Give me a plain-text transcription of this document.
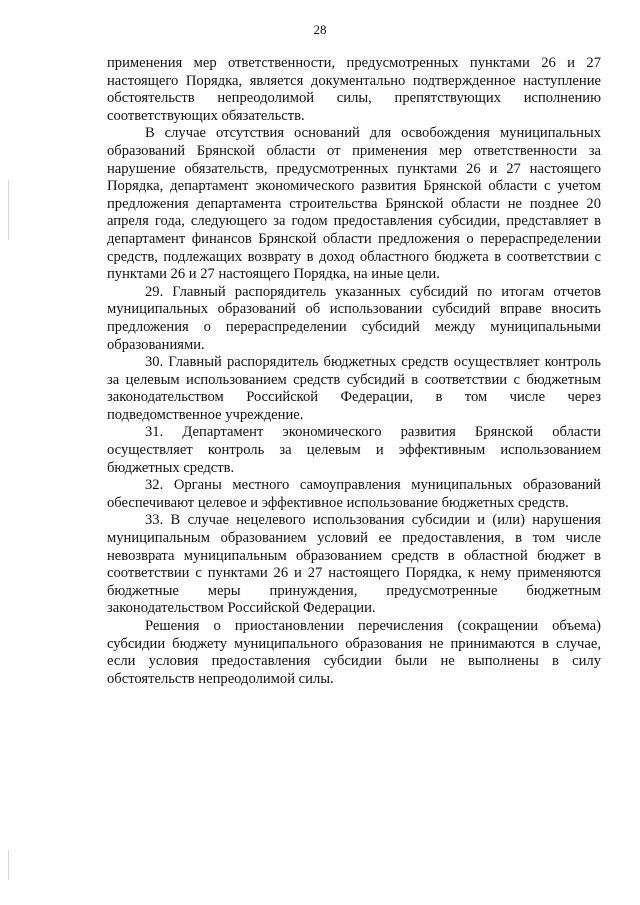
28

применения мер ответственности, предусмотренных пунктами 26 и 27 настоящего Порядка, является документально подтвержденное наступление обстоятельств непреодолимой силы, препятствующих исполнению соответствующих обязательств.

В случае отсутствия оснований для освобождения муниципальных образований Брянской области от применения мер ответственности за нарушение обязательств, предусмотренных пунктами 26 и 27 настоящего Порядка, департамент экономического развития Брянской области с учетом предложения департамента строительства Брянской области не позднее 20 апреля года, следующего за годом предоставления субсидии, представляет в департамент финансов Брянской области предложения о перераспределении средств, подлежащих возврату в доход областного бюджета в соответствии с пунктами 26 и 27 настоящего Порядка, на иные цели.

29. Главный распорядитель указанных субсидий по итогам отчетов муниципальных образований об использовании субсидий вправе вносить предложения о перераспределении субсидий между муниципальными образованиями.

30. Главный распорядитель бюджетных средств осуществляет контроль за целевым использованием средств субсидий в соответствии с бюджетным законодательством Российской Федерации, в том числе через подведомственное учреждение.

31. Департамент экономического развития Брянской области осуществляет контроль за целевым и эффективным использованием бюджетных средств.

32. Органы местного самоуправления муниципальных образований обеспечивают целевое и эффективное использование бюджетных средств.

33. В случае нецелевого использования субсидии и (или) нарушения муниципальным образованием условий ее предоставления, в том числе невозврата муниципальным образованием средств в областной бюджет в соответствии с пунктами 26 и 27 настоящего Порядка, к нему применяются бюджетные меры принуждения, предусмотренные бюджетным законодательством Российской Федерации.

Решения о приостановлении перечисления (сокращении объема) субсидии бюджету муниципального образования не принимаются в случае, если условия предоставления субсидии были не выполнены в силу обстоятельств непреодолимой силы.
